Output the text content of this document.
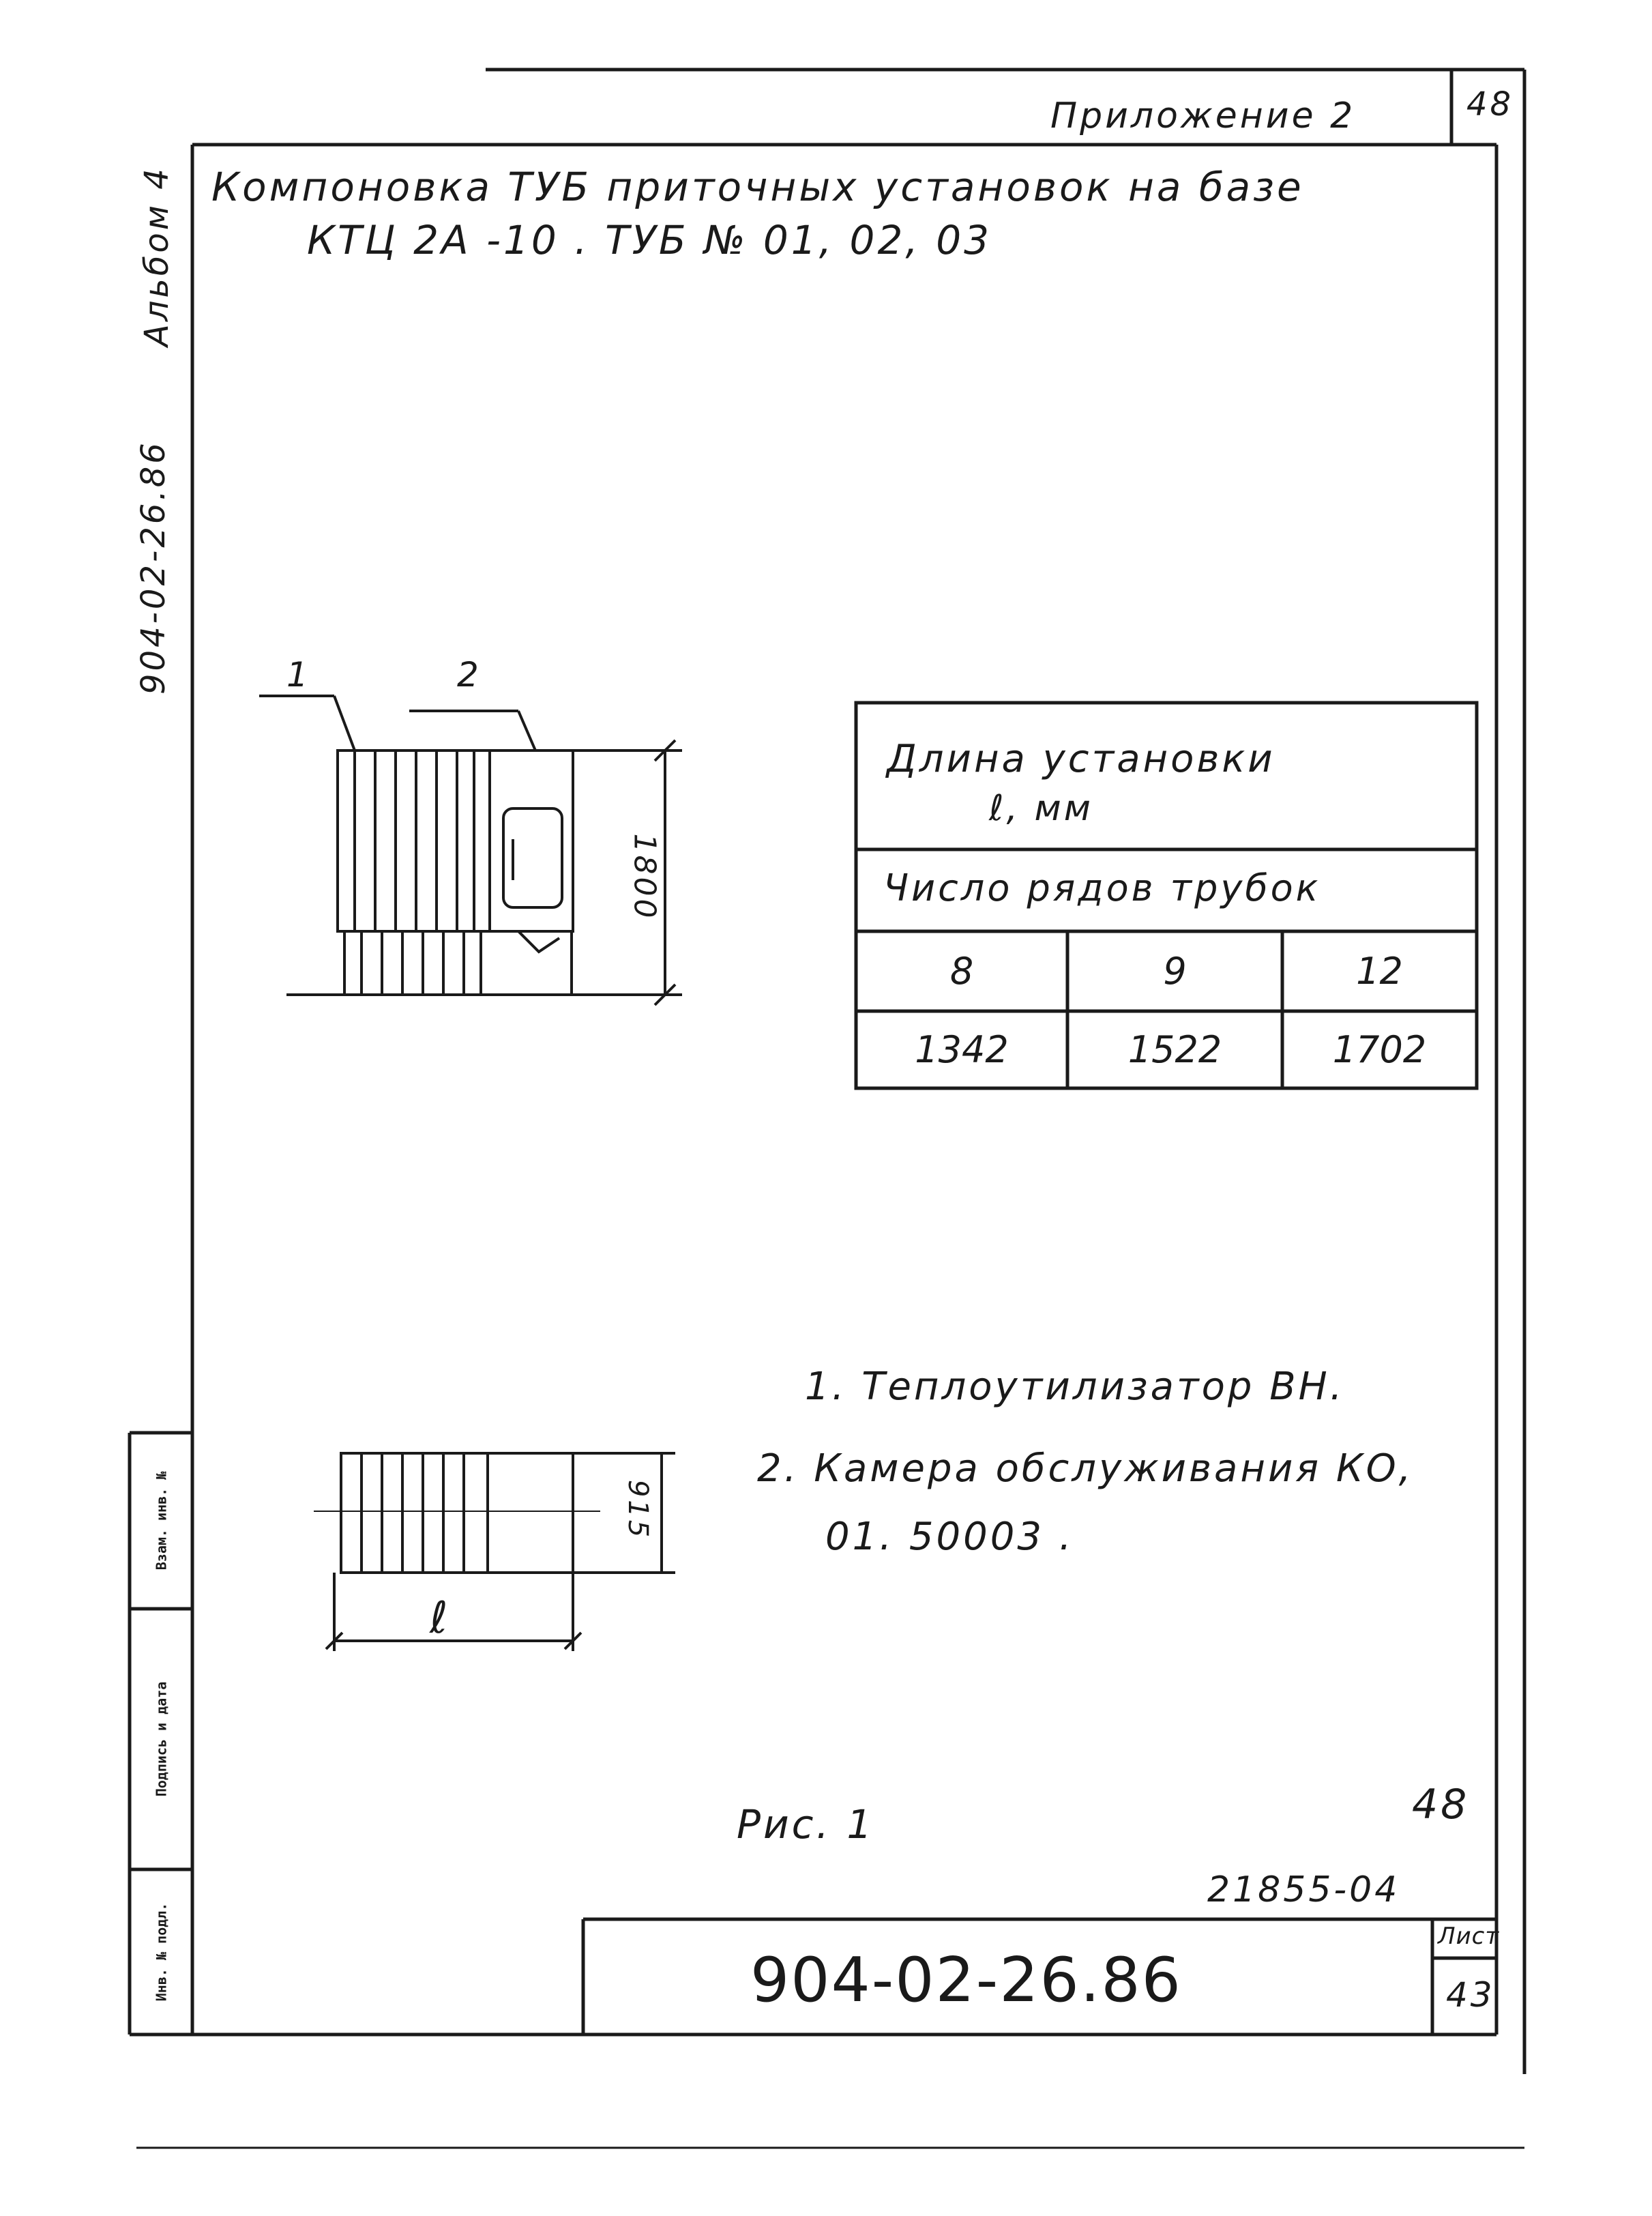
Приложение 2	48
904-02-26.86
Альбом 4 Компоновка ТУБ приточных установок на базе
КТЦ 2А -10 . ТУБ № 01, 02, 03
1	2
1800
915
ℓ
Длина установки
ℓ, мм
Число рядов трубок
8	9	12
1342	1522	1702
1. Теплоутилизатор ВН.
2. Камера обслуживания КО,
01. 50003 .
Рис. 1	48
21855-04
904-02-26.86
Лист
43
Взам. инв. №
Подпись и дата
Инв. № подл.
